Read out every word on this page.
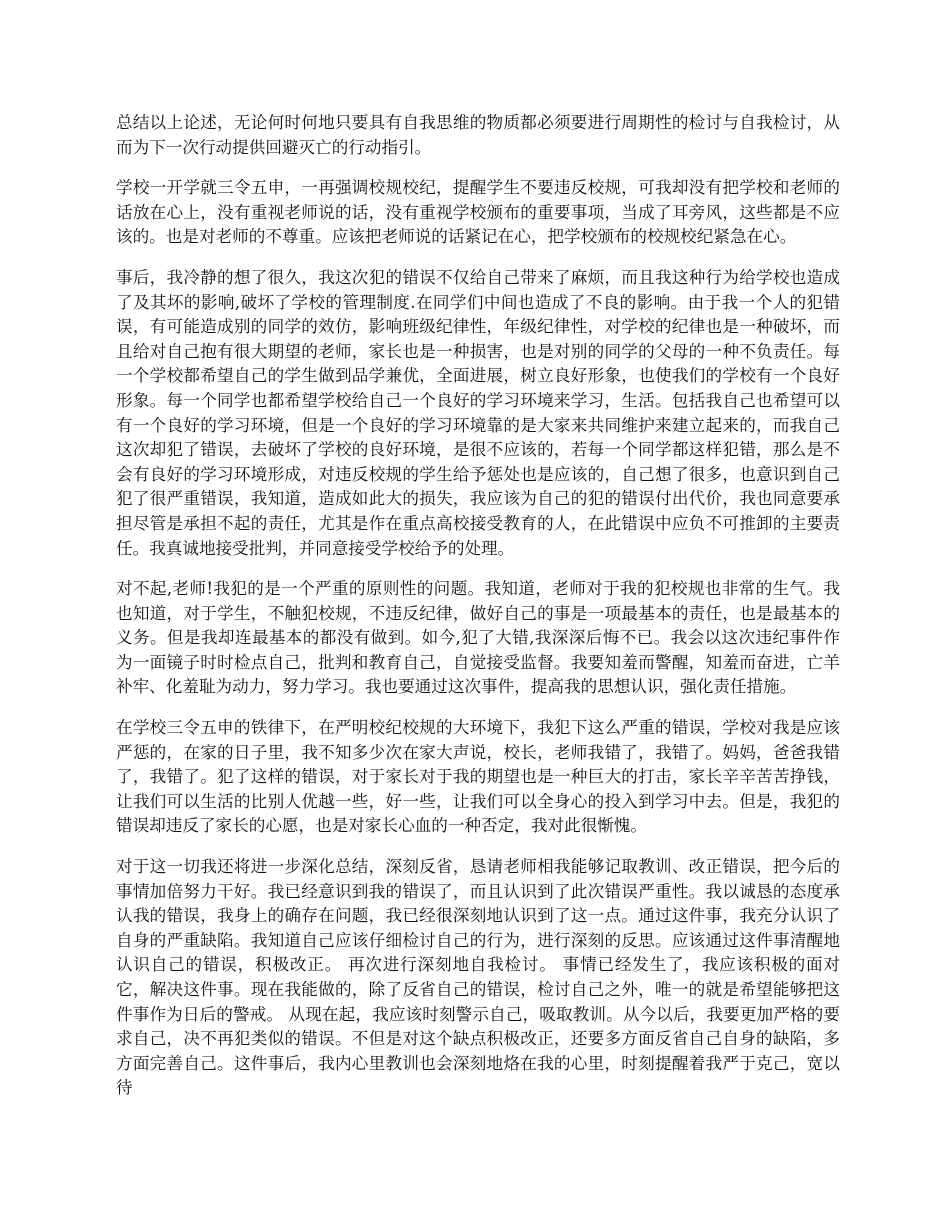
总结以上论述，无论何时何地只要具有自我思维的物质都必须要进行周期性的检讨与自我检讨，从而为下一次行动提供回避灭亡的行动指引。

学校一开学就三令五申，一再强调校规校纪，提醒学生不要违反校规，可我却没有把学校和老师的话放在心上，没有重视老师说的话，没有重视学校颁布的重要事项，当成了耳旁风，这些都是不应该的。也是对老师的不尊重。应该把老师说的话紧记在心，把学校颁布的校规校纪紧急在心。

事后，我冷静的想了很久，我这次犯的错误不仅给自己带来了麻烦，而且我这种行为给学校也造成了及其坏的影响,破坏了学校的管理制度.在同学们中间也造成了不良的影响。由于我一个人的犯错误，有可能造成别的同学的效仿，影响班级纪律性，年级纪律性，对学校的纪律也是一种破坏，而且给对自己抱有很大期望的老师，家长也是一种损害，也是对别的同学的父母的一种不负责任。每一个学校都希望自己的学生做到品学兼优，全面进展，树立良好形象，也使我们的学校有一个良好形象。每一个同学也都希望学校给自己一个良好的学习环境来学习，生活。包括我自己也希望可以有一个良好的学习环境，但是一个良好的学习环境靠的是大家来共同维护来建立起来的，而我自己这次却犯了错误，去破坏了学校的良好环境，是很不应该的，若每一个同学都这样犯错，那么是不会有良好的学习环境形成，对违反校规的学生给予惩处也是应该的，自己想了很多，也意识到自己犯了很严重错误，我知道，造成如此大的损失，我应该为自己的犯的错误付出代价，我也同意要承担尽管是承担不起的责任，尤其是作在重点高校接受教育的人，在此错误中应负不可推卸的主要责任。我真诚地接受批判，并同意接受学校给予的处理。

对不起,老师!我犯的是一个严重的原则性的问题。我知道，老师对于我的犯校规也非常的生气。我也知道，对于学生，不触犯校规，不违反纪律，做好自己的事是一项最基本的责任，也是最基本的义务。但是我却连最基本的都没有做到。如今,犯了大错,我深深后悔不已。我会以这次违纪事件作为一面镜子时时检点自己，批判和教育自己，自觉接受监督。我要知羞而警醒，知羞而奋进，亡羊补牢、化羞耻为动力，努力学习。我也要通过这次事件，提高我的思想认识，强化责任措施。

在学校三令五申的铁律下，在严明校纪校规的大环境下，我犯下这么严重的错误，学校对我是应该严惩的，在家的日子里，我不知多少次在家大声说，校长，老师我错了，我错了。妈妈，爸爸我错了，我错了。犯了这样的错误，对于家长对于我的期望也是一种巨大的打击，家长辛辛苦苦挣钱，让我们可以生活的比别人优越一些，好一些，让我们可以全身心的投入到学习中去。但是，我犯的错误却违反了家长的心愿，也是对家长心血的一种否定，我对此很惭愧。

对于这一切我还将进一步深化总结，深刻反省，恳请老师相我能够记取教训、改正错误，把今后的事情加倍努力干好。我已经意识到我的错误了，而且认识到了此次错误严重性。我以诚恳的态度承认我的错误，我身上的确存在问题，我已经很深刻地认识到了这一点。通过这件事，我充分认识了自身的严重缺陷。我知道自己应该仔细检讨自己的行为，进行深刻的反思。应该通过这件事清醒地认识自己的错误，积极改正。 再次进行深刻地自我检讨。 事情已经发生了，我应该积极的面对它，解决这件事。现在我能做的，除了反省自己的错误，检讨自己之外，唯一的就是希望能够把这件事作为日后的警戒。 从现在起，我应该时刻警示自己，吸取教训。从今以后，我要更加严格的要求自己，决不再犯类似的错误。不但是对这个缺点积极改正，还要多方面反省自己自身的缺陷，多方面完善自己。这件事后，我内心里教训也会深刻地烙在我的心里，时刻提醒着我严于克己，宽以待
